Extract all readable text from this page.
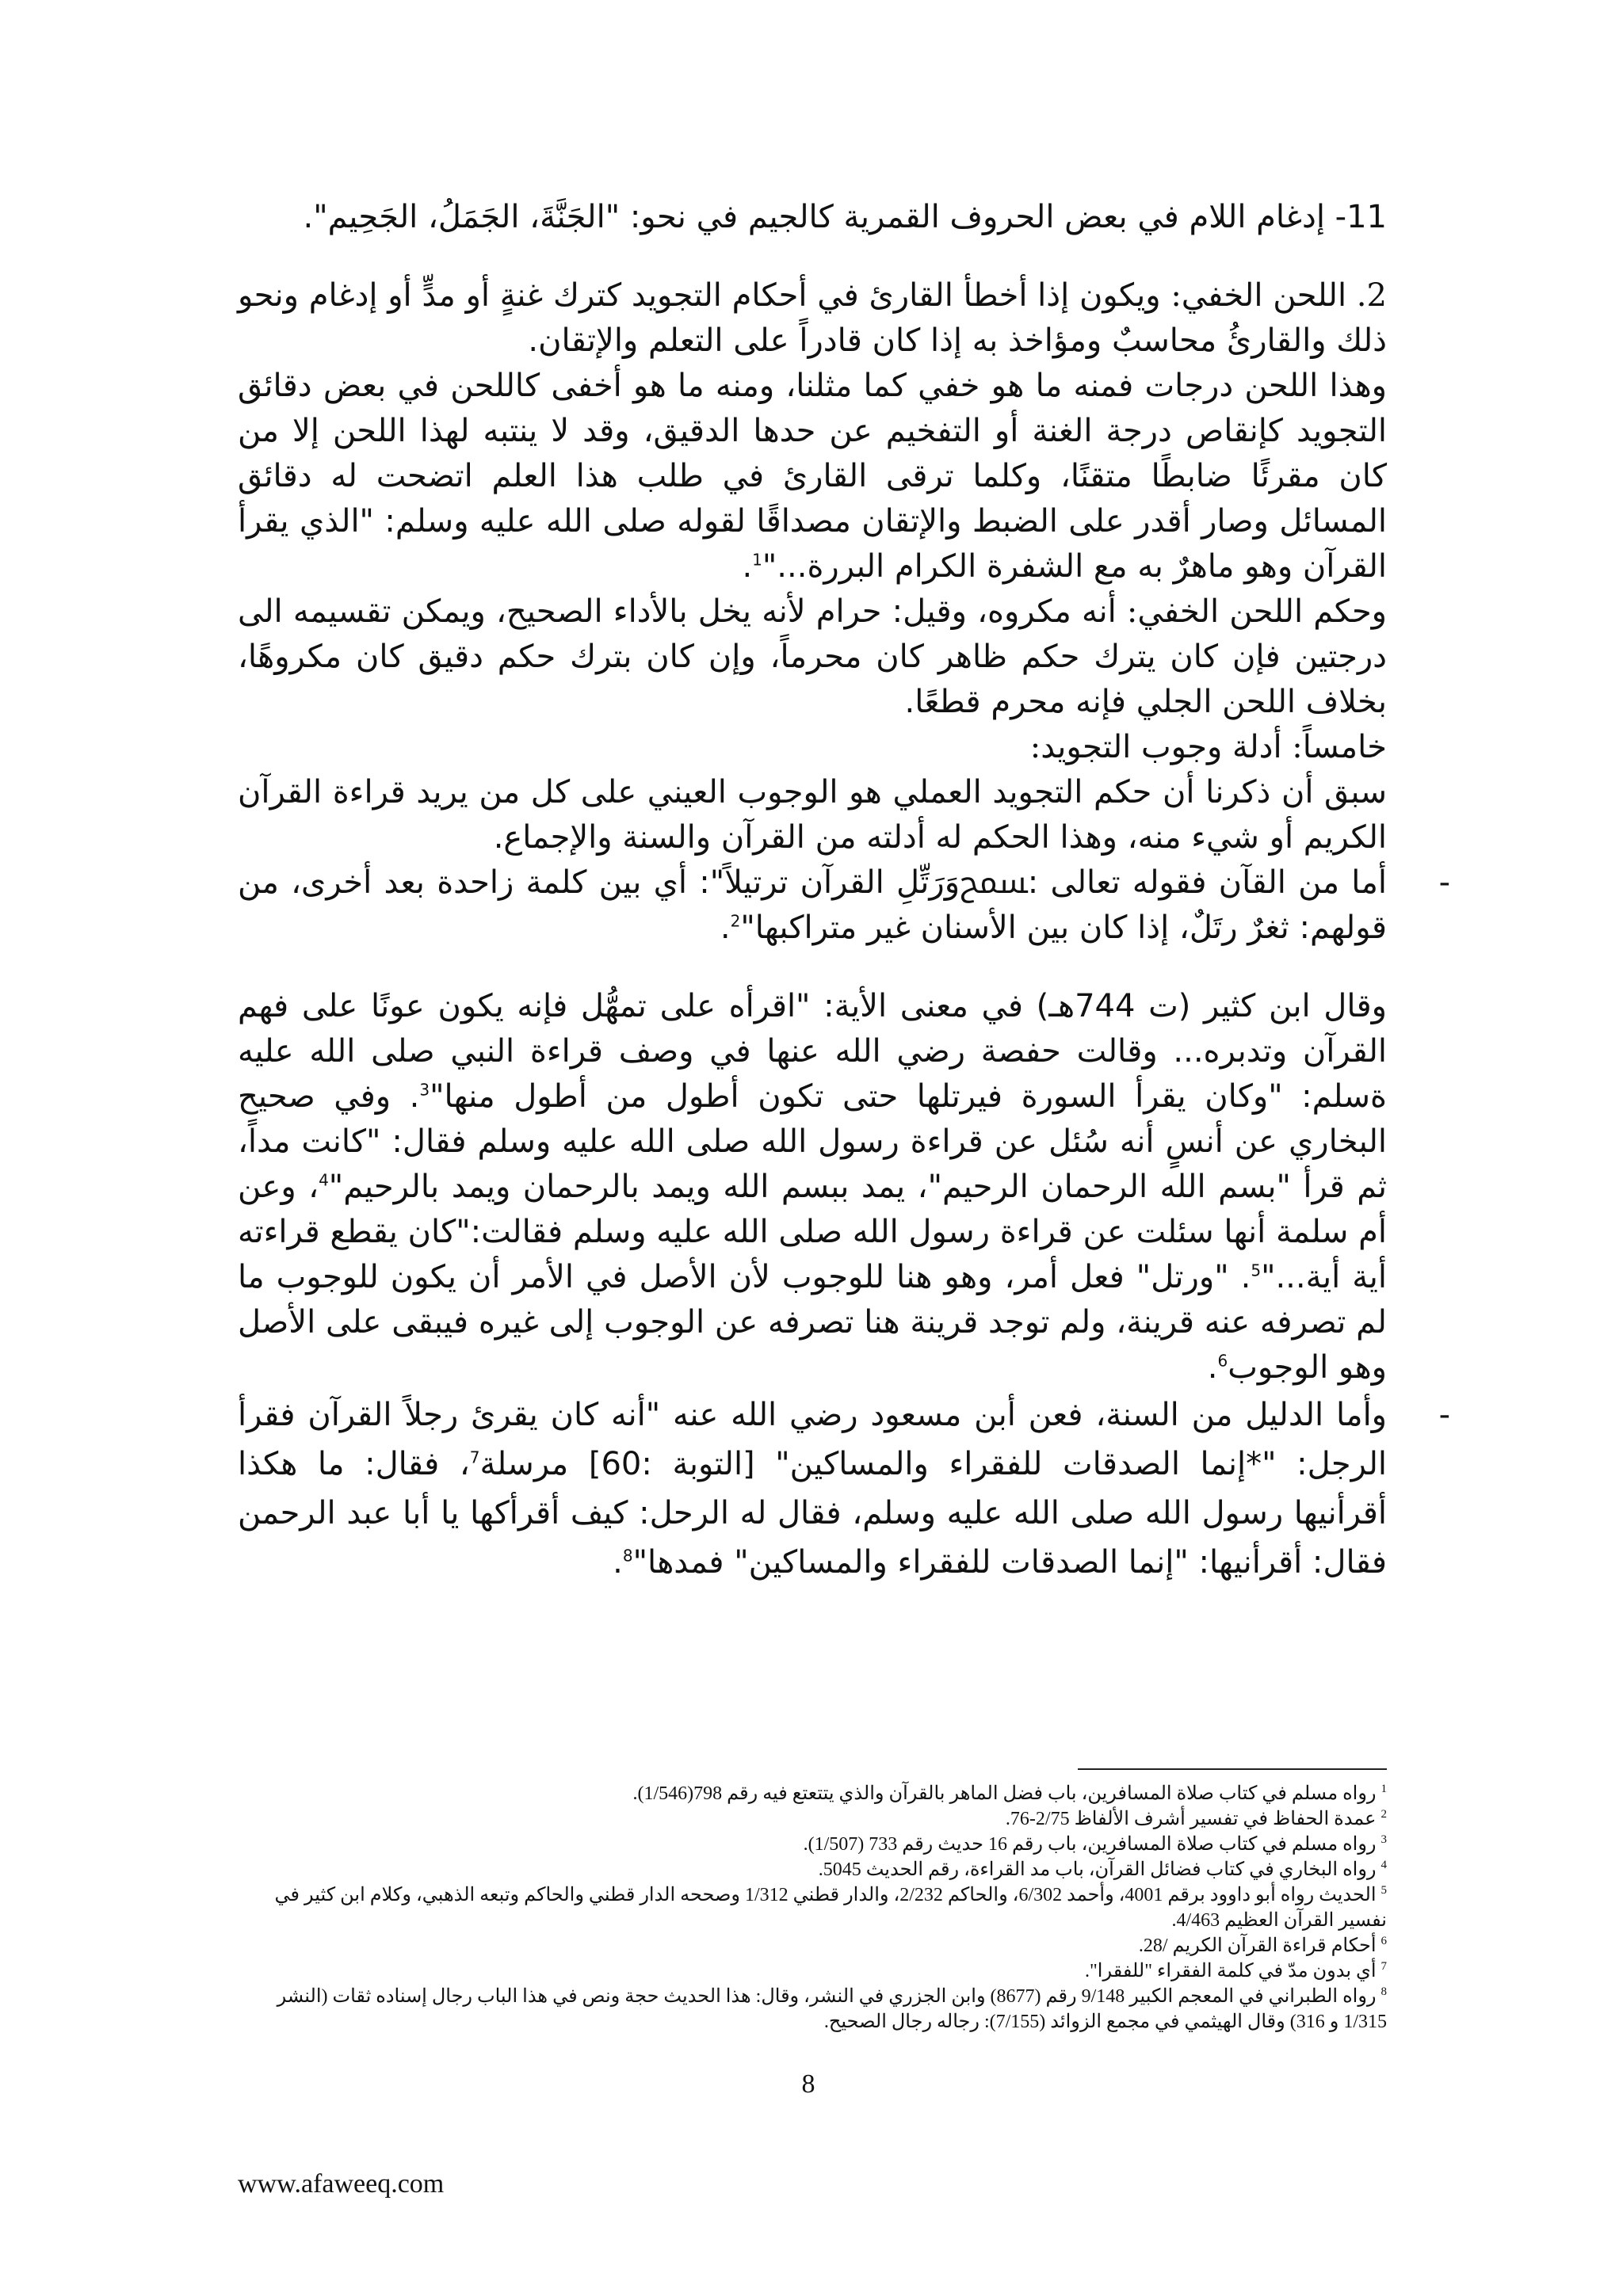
11- إدغام اللام في بعض الحروف القمرية كالجيم في نحو: "الجَنَّةَ، الجَمَلُ، الجَحِيم".

2. اللحن الخفي: ويكون إذا أخطأ القارئ في أحكام التجويد كترك غنةٍ أو مدٍّ أو إدغام ونحو ذلك والقارئُ محاسبٌ ومؤاخذ به إذا كان قادراً على التعلم والإتقان.

وهذا اللحن درجات فمنه ما هو خفي كما مثلنا، ومنه ما هو أخفى كاللحن في بعض دقائق التجويد كإنقاص درجة الغنة أو التفخيم عن حدها الدقيق، وقد لا ينتبه لهذا اللحن إلا من كان مقرئًا ضابطًا متقنًا، وكلما ترقى القارئ في طلب هذا العلم اتضحت له دقائق المسائل وصار أقدر على الضبط والإتقان مصداقًا لقوله صلى الله عليه وسلم: "الذي يقرأ القرآن وهو ماهرٌ به مع الشفرة الكرام البررة..."$^1$.

وحكم اللحن الخفي: أنه مكروه، وقيل: حرام لأنه يخل بالأداء الصحيح، ويمكن تقسيمه الى درجتين فإن كان يترك حكم ظاهر كان محرماً، وإن كان بترك حكم دقيق كان مكروهًا، بخلاف اللحن الجلي فإنه محرم قطعًا.

خامساً: أدلة وجوب التجويد:

سبق أن ذكرنا أن حكم التجويد العملي هو الوجوب العيني على كل من يريد قراءة القرآن الكريم أو شيء منه، وهذا الحكم له أدلته من القرآن والسنة والإجماع.

-
أما من القآن فقوله تعالى :ﵟوَرَتِّلِ القرآن ترتيلاً": أي بين كلمة زاحدة بعد أخرى، من قولهم: ثغرٌ رتَلٌ، إذا كان بين الأسنان غير متراكبها"$^2$.

وقال ابن كثير (ت 744هـ) في معنى الأية: "اقرأه على تمهُّل فإنه يكون عونًا على فهم القرآن وتدبره... وقالت حفصة رضي الله عنها في وصف قراءة النبي صلى الله عليه ةسلم: "وكان يقرأ السورة فيرتلها حتى تكون أطول من أطول منها"$^3$. وفي صحيح البخاري عن أنسٍ أنه سُئل عن قراءة رسول الله صلى الله عليه وسلم فقال: "كانت مداً، ثم قرأ "بسم الله الرحمان الرحيم"، يمد ببسم الله ويمد بالرحمان ويمد بالرحيم"$^4$، وعن أم سلمة أنها سئلت عن قراءة رسول الله صلى الله عليه وسلم فقالت:"كان يقطع قراءته أية أية..."$^5$. "ورتل" فعل أمر، وهو هنا للوجوب لأن الأصل في الأمر أن يكون للوجوب ما لم تصرفه عنه قرينة، ولم توجد قرينة هنا تصرفه عن الوجوب إلى غيره فيبقى على الأصل وهو الوجوب$^6$.

-
وأما الدليل من السنة، فعن أبن مسعود رضي الله عنه "أنه كان يقرئ رجلاً القرآن فقرأ الرجل: "*إنما الصدقات للفقراء والمساكين" [التوبة :60] مرسلة$^7$، فقال: ما هكذا أقرأنيها رسول الله صلى الله عليه وسلم، فقال له الرحل: كيف أقرأكها يا أبا عبد الرحمن فقال: أقرأنيها: "إنما الصدقات للفقراء والمساكين" فمدها"$^8$.

$^1$ رواه مسلم في كتاب صلاة المسافرين، باب فضل الماهر بالقرآن والذي يتتعتع فيه رقم 798(1/546).

$^2$ عمدة الحفاظ في تفسير أشرف الألفاظ 2/75-76.

$^3$ رواه مسلم في كتاب صلاة المسافرين، باب رقم 16 حديث رقم 733 (1/507).

$^4$ رواه البخاري في كتاب فضائل القرآن، باب مد القراءة، رقم الحديث 5045.

$^5$ الحديث رواه أبو داوود برقم 4001، وأحمد 6/302، والحاكم 2/232، والدار قطني 1/312 وصححه الدار قطني والحاكم وتبعه الذهبي، وكلام ابن كثير في نفسير القرآن العظيم 4/463.

$^6$ أحكام قراءة القرآن الكريم /28.

$^7$ أي بدون مدّ في كلمة الفقراء "للفقرا".

$^8$ رواه الطبراني في المعجم الكبير 9/148 رقم (8677) وابن الجزري في النشر، وقال: هذا الحديث حجة ونص في هذا الباب رجال إسناده ثقات (النشر 1/315 و 316) وقال الهيثمي في مجمع الزوائد (7/155): رجاله رجال الصحيح.

8
www.afaweeq.com
